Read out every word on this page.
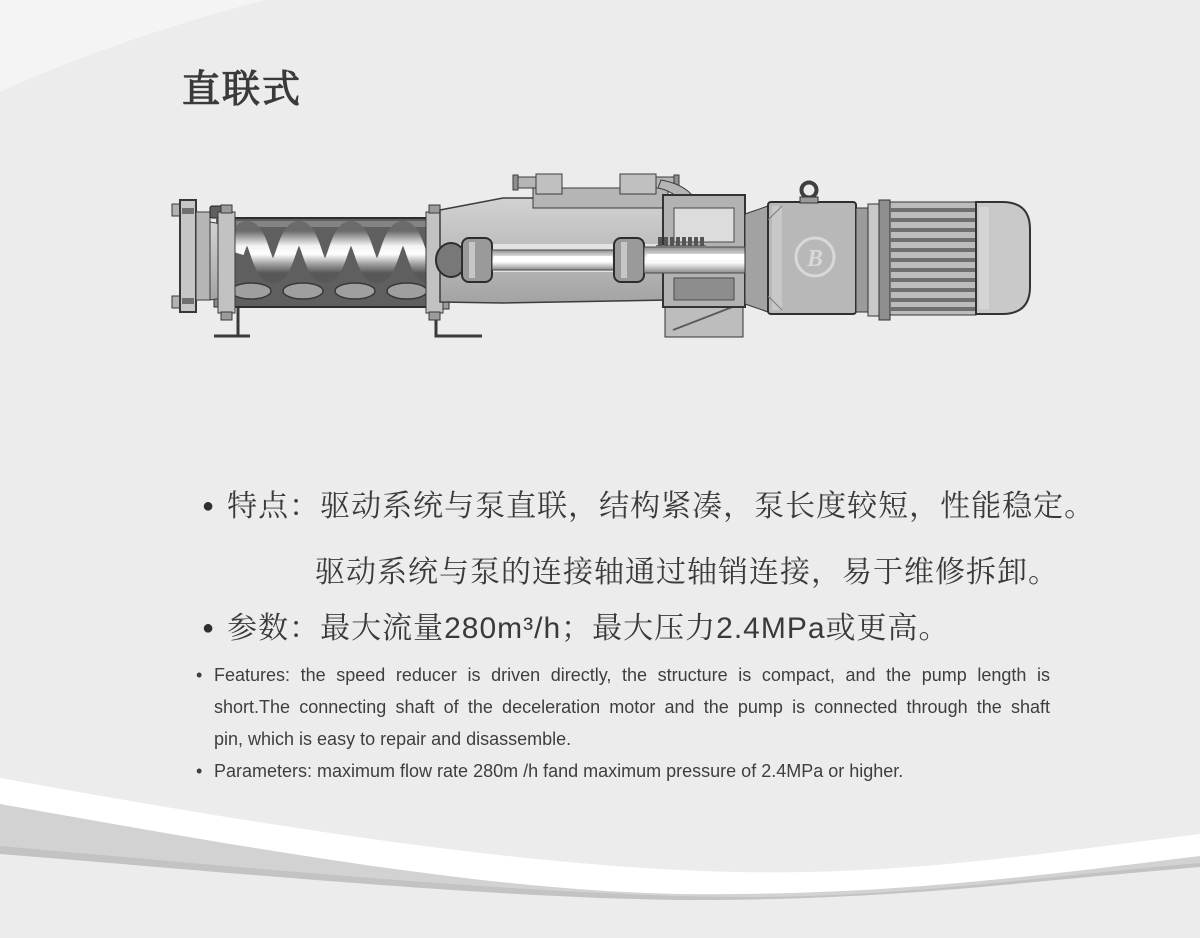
直联式
B
● 特点：驱动系统与泵直联，结构紧凑，泵长度较短，性能稳定。
驱动系统与泵的连接轴通过轴销连接，易于维修拆卸。
● 参数：最大流量280m³/h；最大压力2.4MPa或更高。
• Features: the speed reducer is driven directly, the structure is compact, and the pump length is
short.The connecting shaft of the deceleration motor and the pump is connected through the shaft
pin, which is easy to repair and disassemble.
• Parameters: maximum flow rate 280m /h fand maximum pressure of 2.4MPa or higher.
